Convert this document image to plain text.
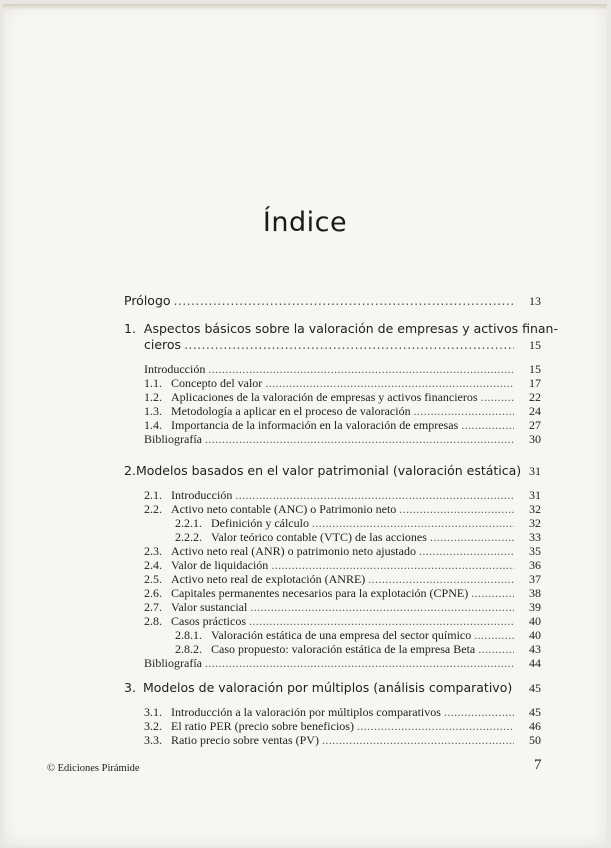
Índice
Prólogo .....	13
1. Aspectos básicos sobre la valoración de empresas y activos finan-
cieros .....	15
Introducción .....	15
1.1. Concepto del valor .....	17
1.2. Aplicaciones de la valoración de empresas y activos financieros .....	22
1.3. Metodología a aplicar en el proceso de valoración .....	24
1.4. Importancia de la información en la valoración de empresas .....	27
Bibliografía .....	30
2. Modelos basados en el valor patrimonial (valoración estática) 31
2.1. Introducción .....	31
2.2. Activo neto contable (ANC) o Patrimonio neto .....	32
2.2.1. Definición y cálculo .....	32
2.2.2. Valor teórico contable (VTC) de las acciones .....	33
2.3. Activo neto real (ANR) o patrimonio neto ajustado .....	35
2.4. Valor de liquidación .....	36
2.5. Activo neto real de explotación (ANRE) .....	37
2.6. Capitales permanentes necesarios para la explotación (CPNE) .....	38
2.7. Valor sustancial .....	39
2.8. Casos prácticos .....	40
2.8.1. Valoración estática de una empresa del sector químico .....	40
2.8.2. Caso propuesto: valoración estática de la empresa Beta .....	43
Bibliografía .....	44
3. Modelos de valoración por múltiplos (análisis comparativo)	45
3.1. Introducción a la valoración por múltiplos comparativos .....	45
3.2. El ratio PER (precio sobre beneficios) .....	46
3.3. Ratio precio sobre ventas (PV) .....	50
© Ediciones Pirámide	7
